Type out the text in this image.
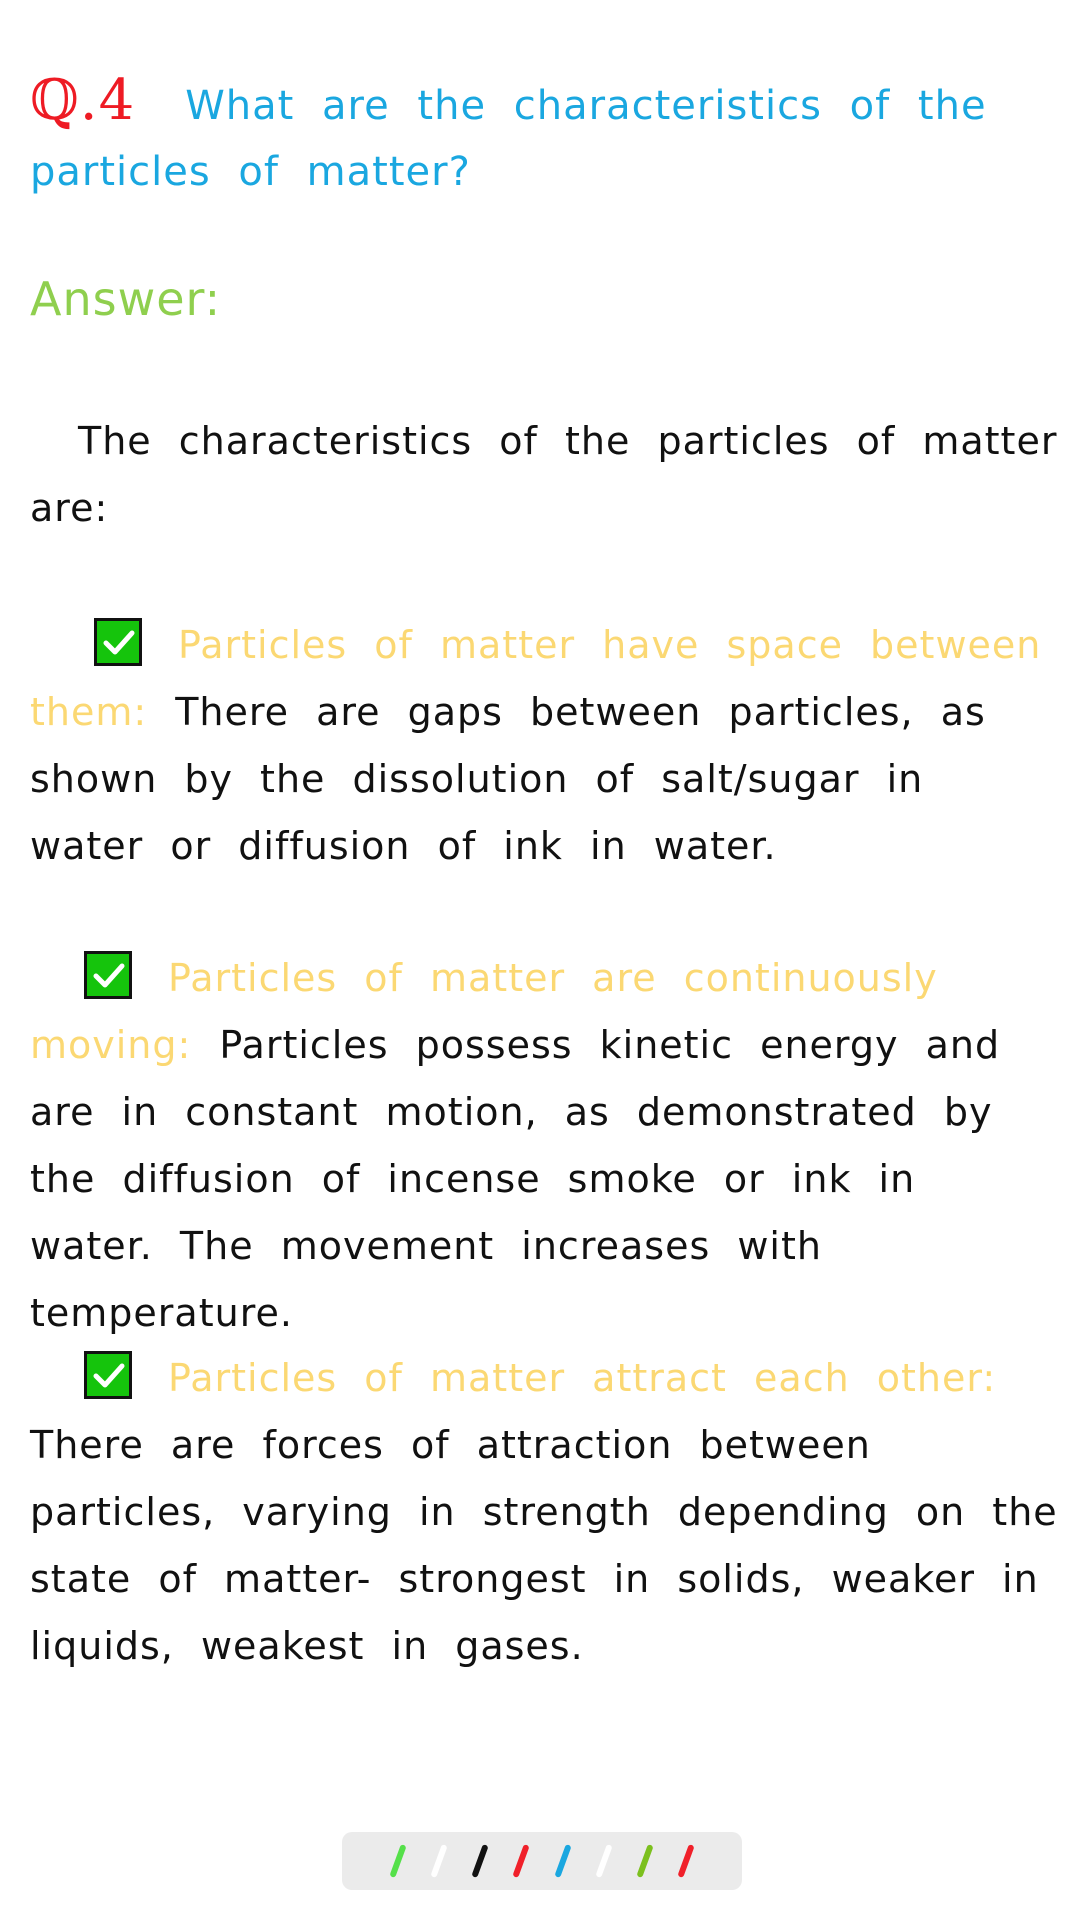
ℚ.4 What are the characteristics of the particles of matter?
Answer:
The characteristics of the particles of matter are:
Particles of matter have space between them: There are gaps between particles, as shown by the dissolution of salt/sugar in water or diffusion of ink in water.
Particles of matter are continuously moving: Particles possess kinetic energy and are in constant motion, as demonstrated by the diffusion of incense smoke or ink in water. The movement increases with temperature.
Particles of matter attract each other:There are forces of attraction between particles, varying in strength depending on the state of matter- strongest in solids, weaker in liquids, weakest in gases.
